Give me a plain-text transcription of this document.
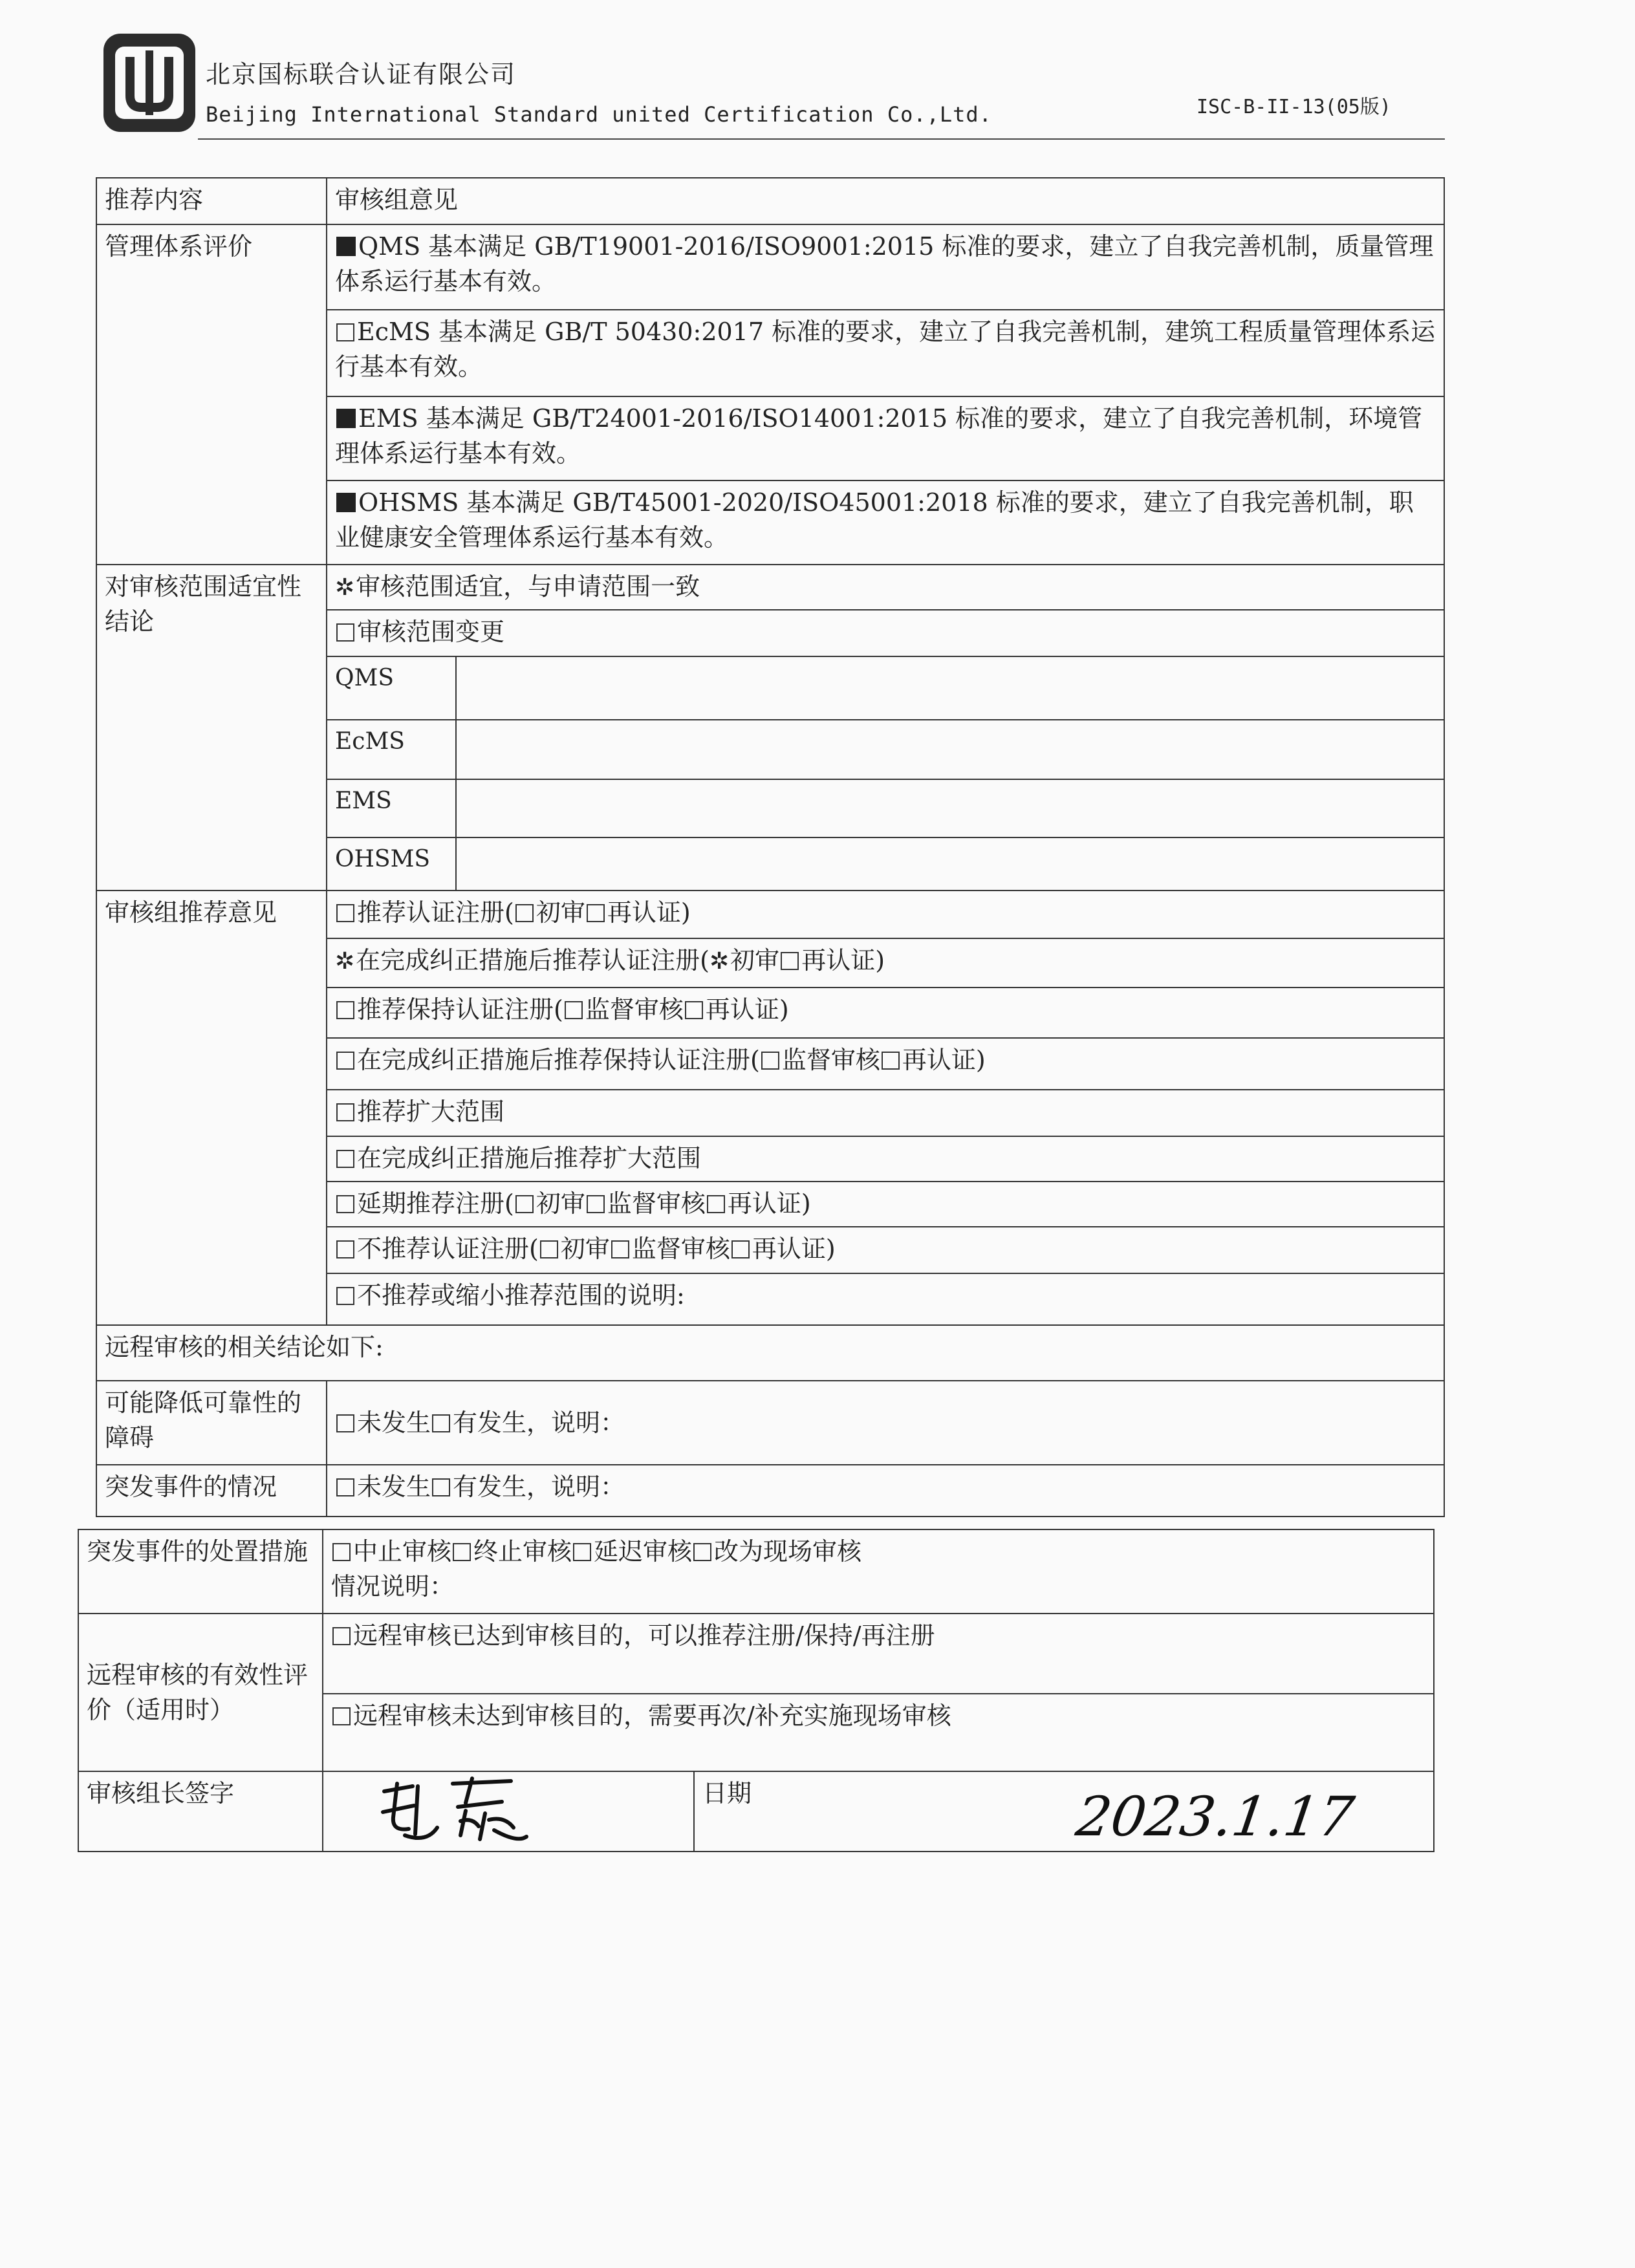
北京国标联合认证有限公司
Beijing International Standard united Certification Co.,Ltd.	ISC-B-II-13(05版)
推荐内容	审核组意见	
管理体系评价	QMS 基本满足 GB/T19001-2016/ISO9001:2015 标准的要求，建立了自我完善机制，质量管理体系运行基本有效。	
	EcMS 基本满足 GB/T 50430:2017 标准的要求，建立了自我完善机制，建筑工程质量管理体系运行基本有效。	
	EMS 基本满足 GB/T24001-2016/ISO14001:2015 标准的要求，建立了自我完善机制，环境管理体系运行基本有效。	
	OHSMS 基本满足 GB/T45001-2020/ISO45001:2018 标准的要求，建立了自我完善机制，职业健康安全管理体系运行基本有效。	
对审核范围适宜性结论	✲审核范围适宜，与申请范围一致	
	审核范围变更	
	QMS	
	EcMS	
	EMS	
	OHSMS	
审核组推荐意见	推荐认证注册( 初审 再认证)	
	✲在完成纠正措施后推荐认证注册(✲初审 再认证)	
	推荐保持认证注册( 监督审核 再认证)	
	在完成纠正措施后推荐保持认证注册( 监督审核 再认证)	
	推荐扩大范围	
	在完成纠正措施后推荐扩大范围	
	延期推荐注册( 初审 监督审核 再认证)	
	不推荐认证注册( 初审 监督审核 再认证)	
	不推荐或缩小推荐范围的说明:	
远程审核的相关结论如下:		
可能降低可靠性的障碍	未发生 有发生，说明：	
突发事件的情况	未发生 有发生，说明：	
突发事件的处置措施	中止审核 终止审核 延迟审核 改为现场审核
情况说明：	
远程审核的有效性评价（适用时）	远程审核已达到审核目的，可以推荐注册/保持/再注册	
	远程审核未达到审核目的，需要再次/补充实施现场审核	
审核组长签字		日期	2023.1.17
